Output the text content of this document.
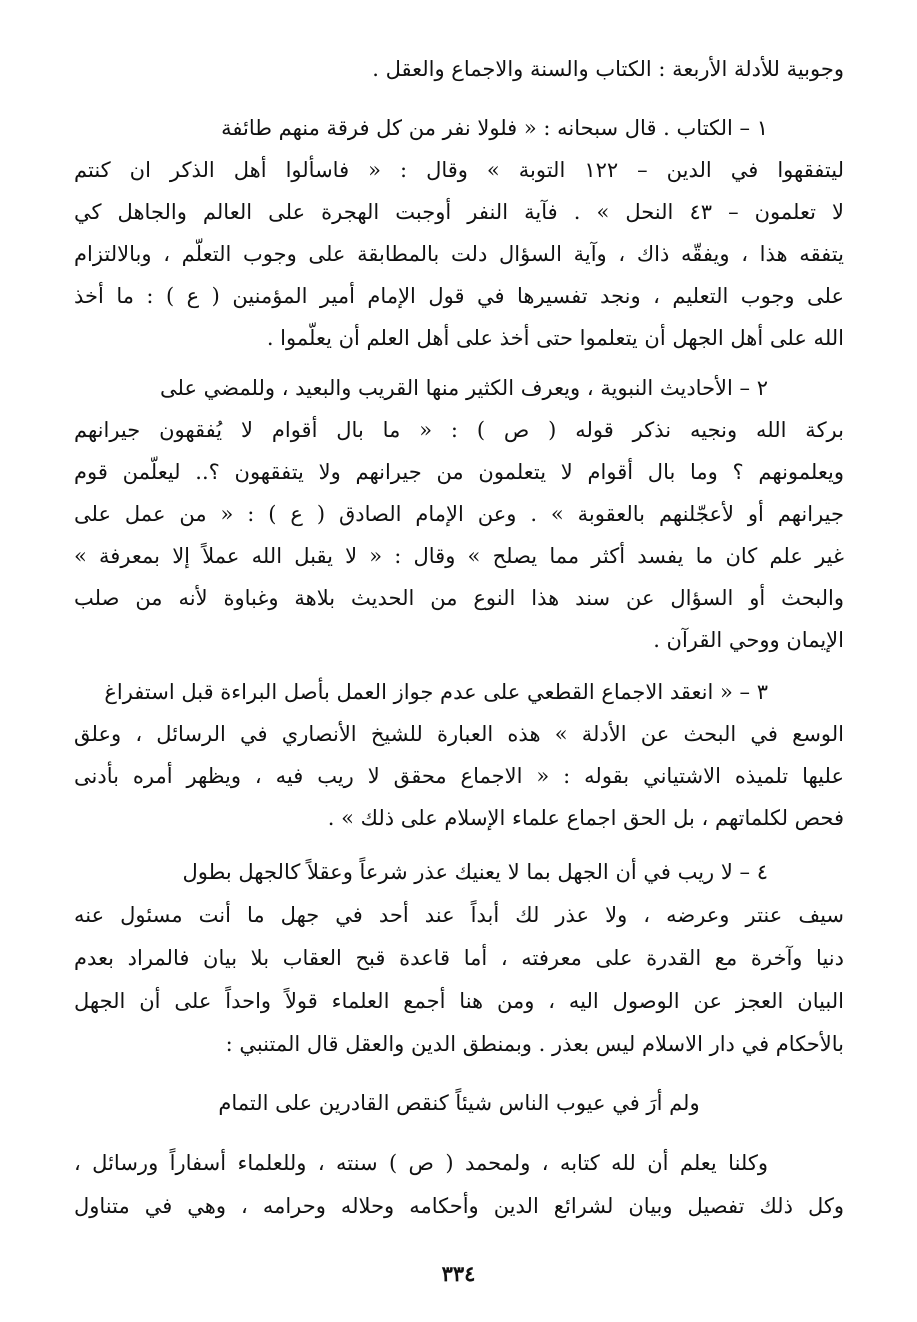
وجوبية للأدلة الأربعة : الكتاب والسنة والاجماع والعقل .
١ – الكتاب . قال سبحانه : « فلولا نفر من كل فرقة منهم طائفة
ليتفقهوا في الدين – ١٢٢ التوبة » وقال : « فاسألوا أهل الذكر ان كنتم
لا تعلمون – ٤٣ النحل » . فآية النفر أوجبت الهجرة على العالم والجاهل كي
يتفقه هذا ، ويفقّه ذاك ، وآية السؤال دلت بالمطابقة على وجوب التعلّم ، وبالالتزام
على وجوب التعليم ، ونجد تفسيرها في قول الإمام أمير المؤمنين ( ع ) : ما أخذ
الله على أهل الجهل أن يتعلموا حتى أخذ على أهل العلم أن يعلّموا .
٢ – الأحاديث النبوية ، ويعرف الكثير منها القريب والبعيد ، وللمضي على
بركة الله ونجيه نذكر قوله ( ص ) : « ما بال أقوام لا يُفقهون جيرانهم
ويعلمونهم ؟ وما بال أقوام لا يتعلمون من جيرانهم ولا يتفقهون ؟.. ليعلّمن قوم
جيرانهم أو لأعجّلنهم بالعقوبة » . وعن الإمام الصادق ( ع ) : « من عمل على
غير علم كان ما يفسد أكثر مما يصلح » وقال : « لا يقبل الله عملاً إلا بمعرفة »
والبحث أو السؤال عن سند هذا النوع من الحديث بلاهة وغباوة لأنه من صلب
الإيمان ووحي القرآن .
٣ – « انعقد الاجماع القطعي على عدم جواز العمل بأصل البراءة قبل استفراغ
الوسع في البحث عن الأدلة » هذه العبارة للشيخ الأنصاري في الرسائل ، وعلق
عليها تلميذه الاشتياني بقوله : « الاجماع محقق لا ريب فيه ، ويظهر أمره بأدنى
فحص لكلماتهم ، بل الحق اجماع علماء الإسلام على ذلك » .
٤ – لا ريب في أن الجهل بما لا يعنيك عذر شرعاً وعقلاً كالجهل بطول
سيف عنتر وعرضه ، ولا عذر لك أبداً عند أحد في جهل ما أنت مسئول عنه
دنيا وآخرة مع القدرة على معرفته ، أما قاعدة قبح العقاب بلا بيان فالمراد بعدم
البيان العجز عن الوصول اليه ، ومن هنا أجمع العلماء قولاً واحداً على أن الجهل
بالأحكام في دار الاسلام ليس بعذر . وبمنطق الدين والعقل قال المتنبي :
ولم أرَ في عيوب الناس شيئاً كنقص القادرين على التمام
وكلنا يعلم أن لله كتابه ، ولمحمد ( ص ) سنته ، وللعلماء أسفاراً ورسائل ،
وكل ذلك تفصيل وبيان لشرائع الدين وأحكامه وحلاله وحرامه ، وهي في متناول
٣٣٤
